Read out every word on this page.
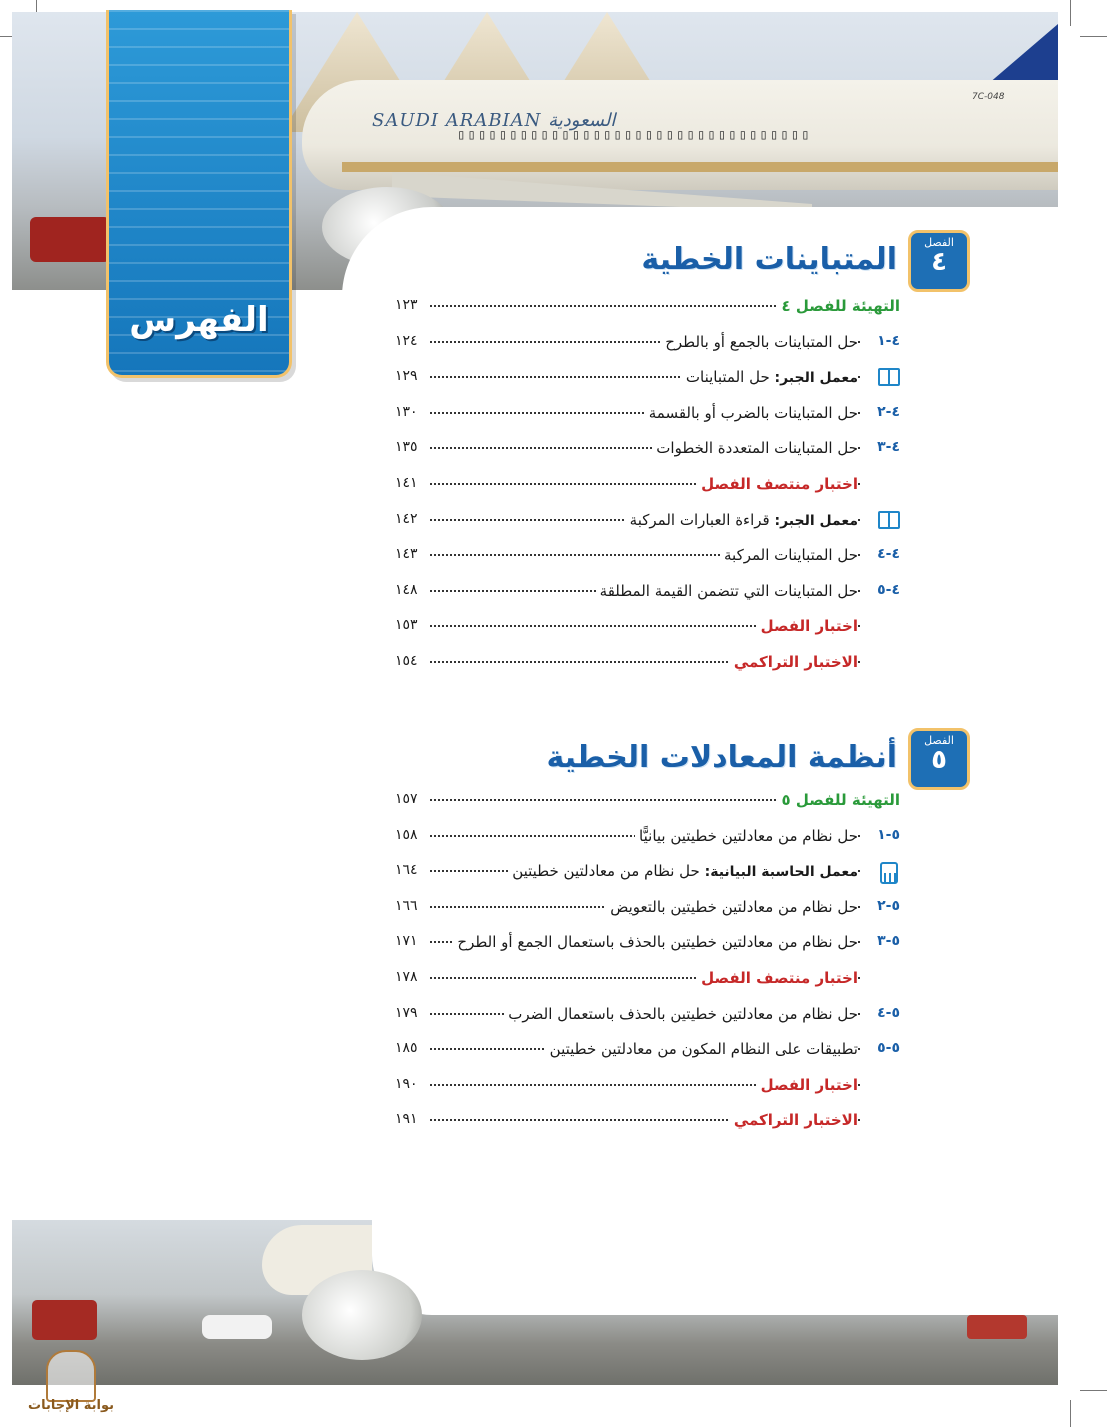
SAUDI ARABIAN السعودية
▯▯▯▯▯▯▯▯▯▯▯▯▯▯▯▯▯▯▯▯▯▯▯▯▯▯▯▯▯▯▯▯▯▯
7C-048
الفهرس
الفصل
٤
المتباينات الخطية
التهيئة للفصل ٤
١٢٣
٤-١
حل المتباينات بالجمع أو بالطرح
١٢٤
معمل الجبر: حل المتباينات
١٢٩
٤-٢
حل المتباينات بالضرب أو بالقسمة
١٣٠
٤-٣
حل المتباينات المتعددة الخطوات
١٣٥
اختبار منتصف الفصل
١٤١
معمل الجبر: قراءة العبارات المركبة
١٤٢
٤-٤
حل المتباينات المركبة
١٤٣
٤-٥
حل المتباينات التي تتضمن القيمة المطلقة
١٤٨
اختبار الفصل
١٥٣
الاختبار التراكمي
١٥٤
الفصل
٥
أنظمة المعادلات الخطية
التهيئة للفصل ٥
١٥٧
٥-١
حل نظام من معادلتين خطيتين بيانيًّا
١٥٨
معمل الحاسبة البيانية: حل نظام من معادلتين خطيتين
١٦٤
٥-٢
حل نظام من معادلتين خطيتين بالتعويض
١٦٦
٥-٣
حل نظام من معادلتين خطيتين بالحذف باستعمال الجمع أو الطرح
١٧١
اختبار منتصف الفصل
١٧٨
٥-٤
حل نظام من معادلتين خطيتين بالحذف باستعمال الضرب
١٧٩
٥-٥
تطبيقات على النظام المكون من معادلتين خطيتين
١٨٥
اختبار الفصل
١٩٠
الاختبار التراكمي
١٩١
بوابة الإجابات
